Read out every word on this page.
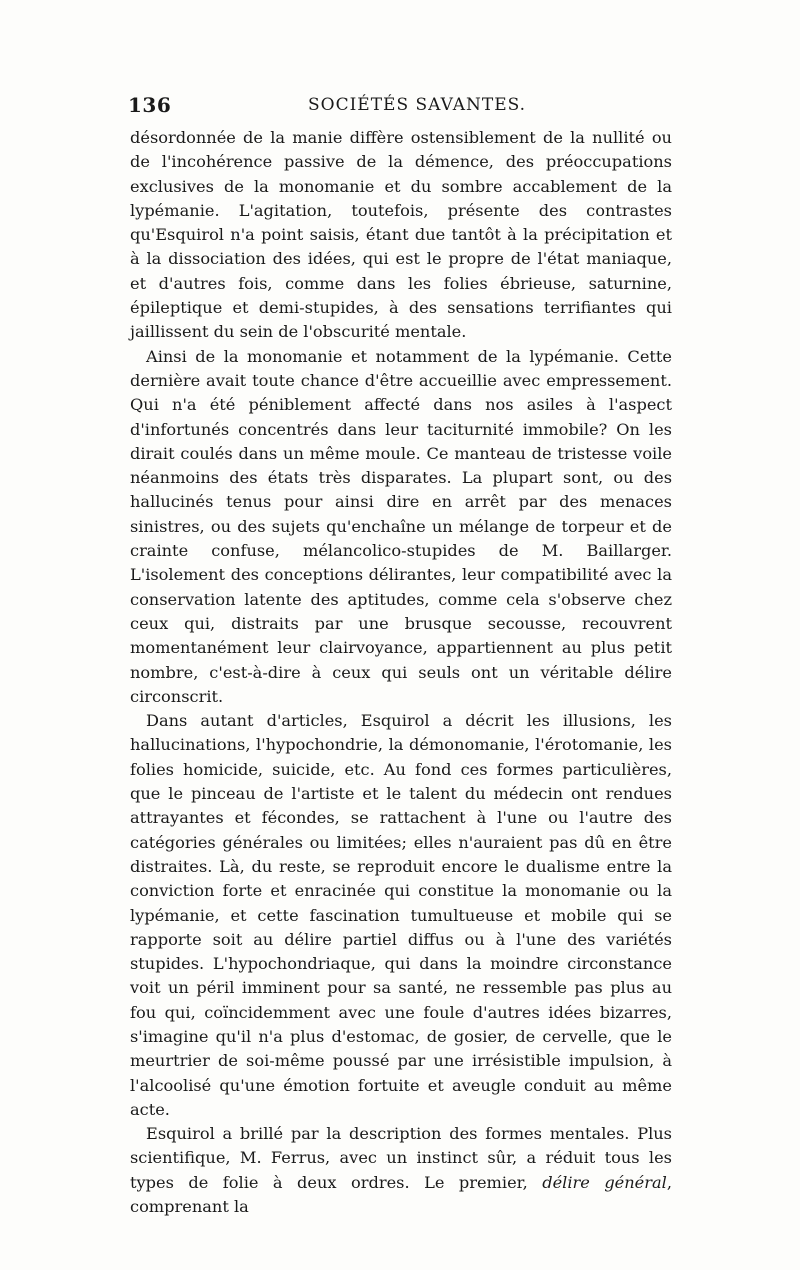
136	SOCIÉTÉS SAVANTES.

désordonnée de la manie diffère ostensiblement de la nullité ou de l'incohérence passive de la démence, des préoccupations exclusives de la monomanie et du sombre accablement de la lypémanie. L'agitation, toutefois, présente des contrastes qu'Esquirol n'a point saisis, étant due tantôt à la précipitation et à la dissociation des idées, qui est le propre de l'état maniaque, et d'autres fois, comme dans les folies ébrieuse, saturnine, épileptique et demi-stupides, à des sensations terrifiantes qui jaillissent du sein de l'obscurité mentale.

Ainsi de la monomanie et notamment de la lypémanie. Cette dernière avait toute chance d'être accueillie avec empressement. Qui n'a été péniblement affecté dans nos asiles à l'aspect d'infortunés concentrés dans leur taciturnité immobile? On les dirait coulés dans un même moule. Ce manteau de tristesse voile néanmoins des états très disparates. La plupart sont, ou des hallucinés tenus pour ainsi dire en arrêt par des menaces sinistres, ou des sujets qu'enchaîne un mélange de torpeur et de crainte confuse, mélancolico-stupides de M. Baillarger. L'isolement des conceptions délirantes, leur compatibilité avec la conservation latente des aptitudes, comme cela s'observe chez ceux qui, distraits par une brusque secousse, recouvrent momentanément leur clairvoyance, appartiennent au plus petit nombre, c'est-à-dire à ceux qui seuls ont un véritable délire circonscrit.

Dans autant d'articles, Esquirol a décrit les illusions, les hallucinations, l'hypochondrie, la démonomanie, l'érotomanie, les folies homicide, suicide, etc. Au fond ces formes particulières, que le pinceau de l'artiste et le talent du médecin ont rendues attrayantes et fécondes, se rattachent à l'une ou l'autre des catégories générales ou limitées; elles n'auraient pas dû en être distraites. Là, du reste, se reproduit encore le dualisme entre la conviction forte et enracinée qui constitue la monomanie ou la lypémanie, et cette fascination tumultueuse et mobile qui se rapporte soit au délire partiel diffus ou à l'une des variétés stupides. L'hypochondriaque, qui dans la moindre circonstance voit un péril imminent pour sa santé, ne ressemble pas plus au fou qui, coïncidemment avec une foule d'autres idées bizarres, s'imagine qu'il n'a plus d'estomac, de gosier, de cervelle, que le meurtrier de soi-même poussé par une irrésistible impulsion, à l'alcoolisé qu'une émotion fortuite et aveugle conduit au même acte.

Esquirol a brillé par la description des formes mentales. Plus scientifique, M. Ferrus, avec un instinct sûr, a réduit tous les types de folie à deux ordres. Le premier, délire général, comprenant la
